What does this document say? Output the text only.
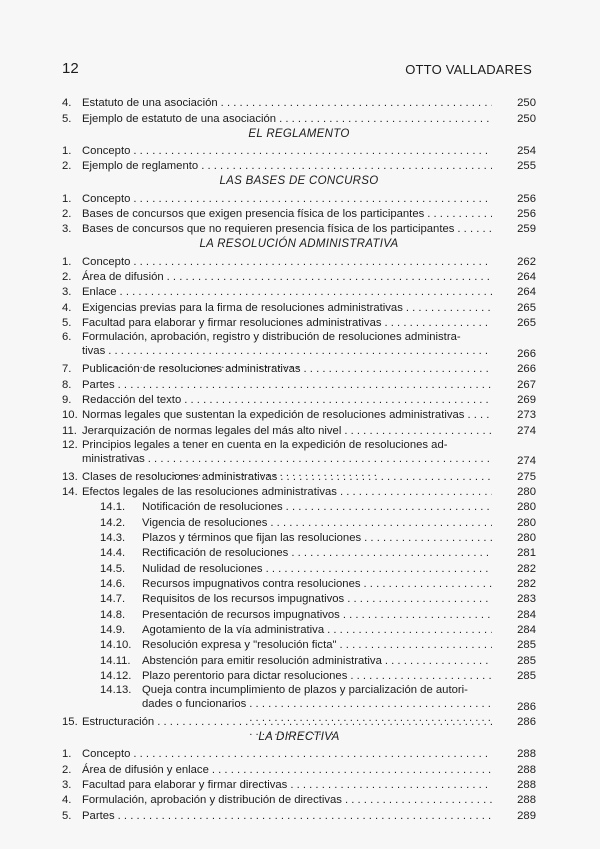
12	OTTO VALLADARES
4. Estatuto de una asociación . . .	250
5. Ejemplo de estatuto de una asociación . . .	250
EL REGLAMENTO
1. Concepto . . .	254
2. Ejemplo de reglamento . . .	255
LAS BASES DE CONCURSO
1. Concepto . . .	256
2. Bases de concursos que exigen presencia física de los participantes . . .	256
3. Bases de concursos que no requieren presencia física de los participantes . . .	259
LA RESOLUCIÓN ADMINISTRATIVA
1. Concepto . . .	262
2. Área de difusión . . .	264
3. Enlace . . .	264
4. Exigencias previas para la firma de resoluciones administrativas . . .	265
5. Facultad para elaborar y firmar resoluciones administrativas . . .	265
6. Formulación, aprobación, registro y distribución de resoluciones administra-
tivas . . .	266
7. Publicación de resoluciones administrativas . . .	266
8. Partes . . .	267
9. Redacción del texto . . .	269
10. Normas legales que sustentan la expedición de resoluciones administrativas . . .	273
11. Jerarquización de normas legales del más alto nivel . . .	274
12. Principios legales a tener en cuenta en la expedición de resoluciones ad-
ministrativas . . .	274
13. Clases de resoluciones administrativas . . .	275
14. Efectos legales de las resoluciones administrativas . . .	280
14.1.	Notificación de resoluciones . . .	280
14.2.	Vigencia de resoluciones . . .	280
14.3.	Plazos y términos que fijan las resoluciones . . .	280
14.4.	Rectificación de resoluciones . . .	281
14.5.	Nulidad de resoluciones . . .	282
14.6.	Recursos impugnativos contra resoluciones . . .	282
14.7.	Requisitos de los recursos impugnativos . . .	283
14.8.	Presentación de recursos impugnativos . . .	284
14.9.	Agotamiento de la vía administrativa . . .	284
14.10. Resolución expresa y "resolución ficta" . . .	285
14.11.	Abstención para emitir resolución administrativa . . .	285
14.12. Plazo perentorio para dictar resoluciones . . .	285
14.13. Queja contra incumplimiento de plazos y parcialización de autori-
dades o funcionarios . . .	286
15. Estructuración . . .	286
LA DIRECTIVA
1. Concepto . . .	288
2. Área de difusión y enlace . . .	288
3. Facultad para elaborar y firmar directivas . . .	288
4. Formulación, aprobación y distribución de directivas . . .	288
5. Partes . . .	289
